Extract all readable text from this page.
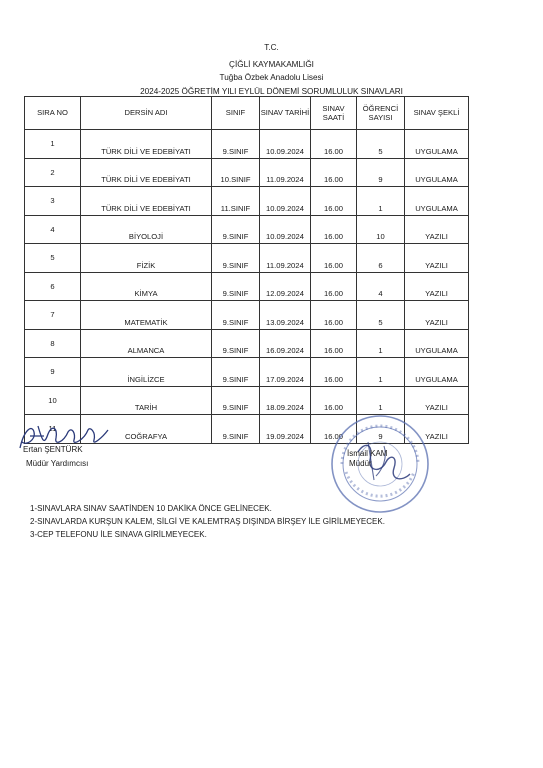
T.C.
ÇİĞLİ KAYMAKAMLIĞI
Tuğba Özbek Anadolu Lisesi
2024-2025 ÖĞRETİM YILI EYLÜL DÖNEMİ SORUMLULUK SINAVLARI
SIRA NO	DERSİN ADI	SINIF	SINAV TARİHİ	SINAV SAATİ	ÖĞRENCİ SAYISI	SINAV ŞEKLİ
1	TÜRK DİLİ VE EDEBİYATI	9.SINIF	10.09.2024	16.00	5	UYGULAMA
2	TÜRK DİLİ VE EDEBİYATI	10.SINIF	11.09.2024	16.00	9	UYGULAMA
3	TÜRK DİLİ VE EDEBİYATI	11.SINIF	10.09.2024	16.00	1	UYGULAMA
4	BİYOLOJİ	9.SINIF	10.09.2024	16.00	10	YAZILI
5	FİZİK	9.SINIF	11.09.2024	16.00	6	YAZILI
6	KİMYA	9.SINIF	12.09.2024	16.00	4	YAZILI
7	MATEMATİK	9.SINIF	13.09.2024	16.00	5	YAZILI
8	ALMANCA	9.SINIF	16.09.2024	16.00	1	UYGULAMA
9	İNGİLİZCE	9.SINIF	17.09.2024	16.00	1	UYGULAMA
10	TARİH	9.SINIF	18.09.2024	16.00	1	YAZILI
11	COĞRAFYA	9.SINIF	19.09.2024	16.00	9	YAZILI
Ertan ŞENTÜRK
Müdür Yardımcısı
İsmail KAM
Müdür
1-SINAVLARA SINAV SAATİNDEN 10 DAKİKA ÖNCE GELİNECEK.
2-SINAVLARDA KURŞUN KALEM, SİLGİ VE KALEMTRAŞ DIŞINDA BİRŞEY İLE GİRİLMEYECEK.
3-CEP TELEFONU İLE SINAVA GİRİLMEYECEK.
